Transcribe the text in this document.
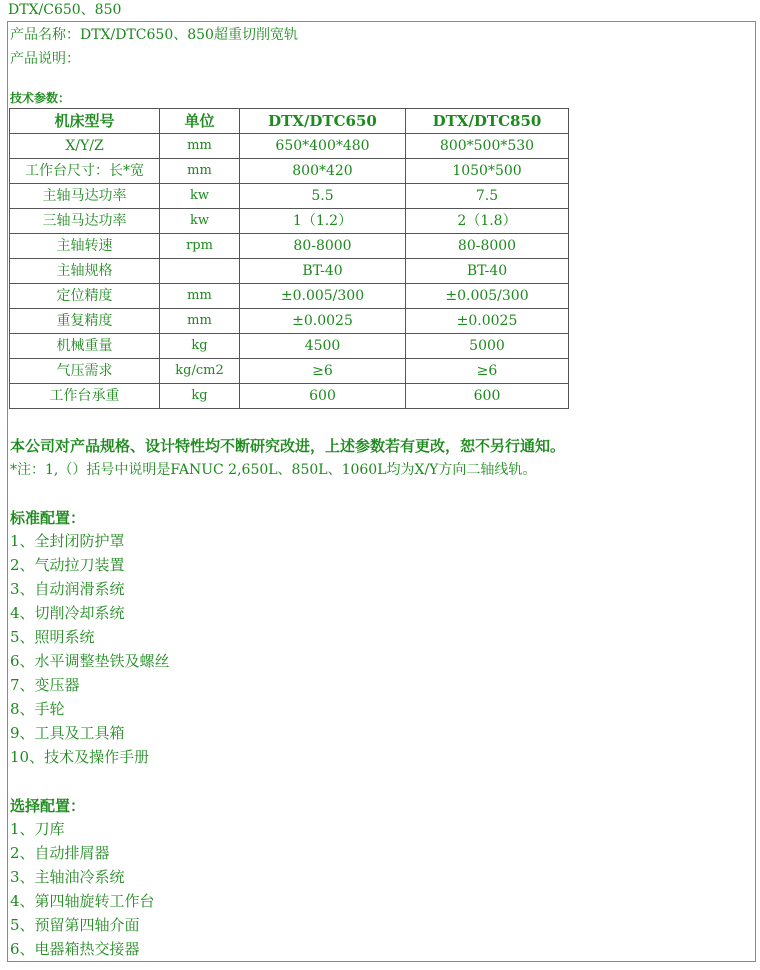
DTX/C650、850
产品名称：DTX/DTC650、850超重切削宽轨
产品说明：
技术参数：
机床型号	单位	DTX/DTC650	DTX/DTC850
X/Y/Z	mm	650*400*480	800*500*530
工作台尺寸：长*宽	mm	800*420	1050*500
主轴马达功率	kw	5.5	7.5
三轴马达功率	kw	1（1.2）	2（1.8）
主轴转速	rpm	80-8000	80-8000
主轴规格		BT-40	BT-40
定位精度	mm	±0.005/300	±0.005/300
重复精度	mm	±0.0025	±0.0025
机械重量	kg	4500	5000
气压需求	kg/cm2	≥6	≥6
工作台承重	kg	600	600
本公司对产品规格、设计特性均不断研究改进，上述参数若有更改，恕不另行通知。
*注：1,（）括号中说明是FANUC 2,650L、850L、1060L均为X/Y方向二轴线轨。
标准配置：
1、全封闭防护罩
2、气动拉刀装置
3、自动润滑系统
4、切削冷却系统
5、照明系统
6、水平调整垫铁及螺丝
7、变压器
8、手轮
9、工具及工具箱
10、技术及操作手册
选择配置：
1、刀库
2、自动排屑器
3、主轴油冷系统
4、第四轴旋转工作台
5、预留第四轴介面
6、电器箱热交接器
